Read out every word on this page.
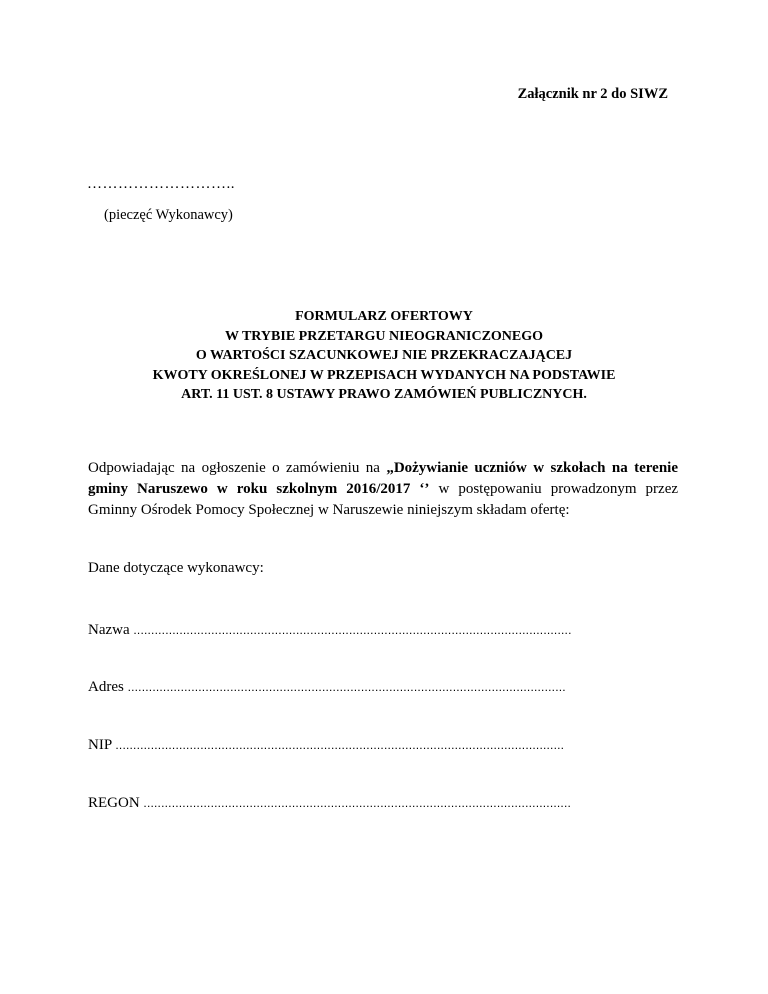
Załącznik nr 2 do SIWZ
………………………..
(pieczęć Wykonawcy)
FORMULARZ OFERTOWY
W TRYBIE PRZETARGU NIEOGRANICZONEGO
O WARTOŚCI SZACUNKOWEJ NIE PRZEKRACZAJĄCEJ
KWOTY OKREŚLONEJ W PRZEPISACH WYDANYCH NA PODSTAWIE
ART. 11 UST. 8 USTAWY PRAWO ZAMÓWIEŃ PUBLICZNYCH.
Odpowiadając na ogłoszenie o zamówieniu na „Dożywianie uczniów w szkołach na terenie
gminy Naruszewo w roku szkolnym 2016/2017 ‘’ w postępowaniu prowadzonym przez
Gminny Ośrodek Pomocy Społecznej w Naruszewie niniejszym składam ofertę:
Dane dotyczące wykonawcy:
Nazwa ............................................................................................................................
Adres ............................................................................................................................
NIP ...............................................................................................................................
REGON .........................................................................................................................
